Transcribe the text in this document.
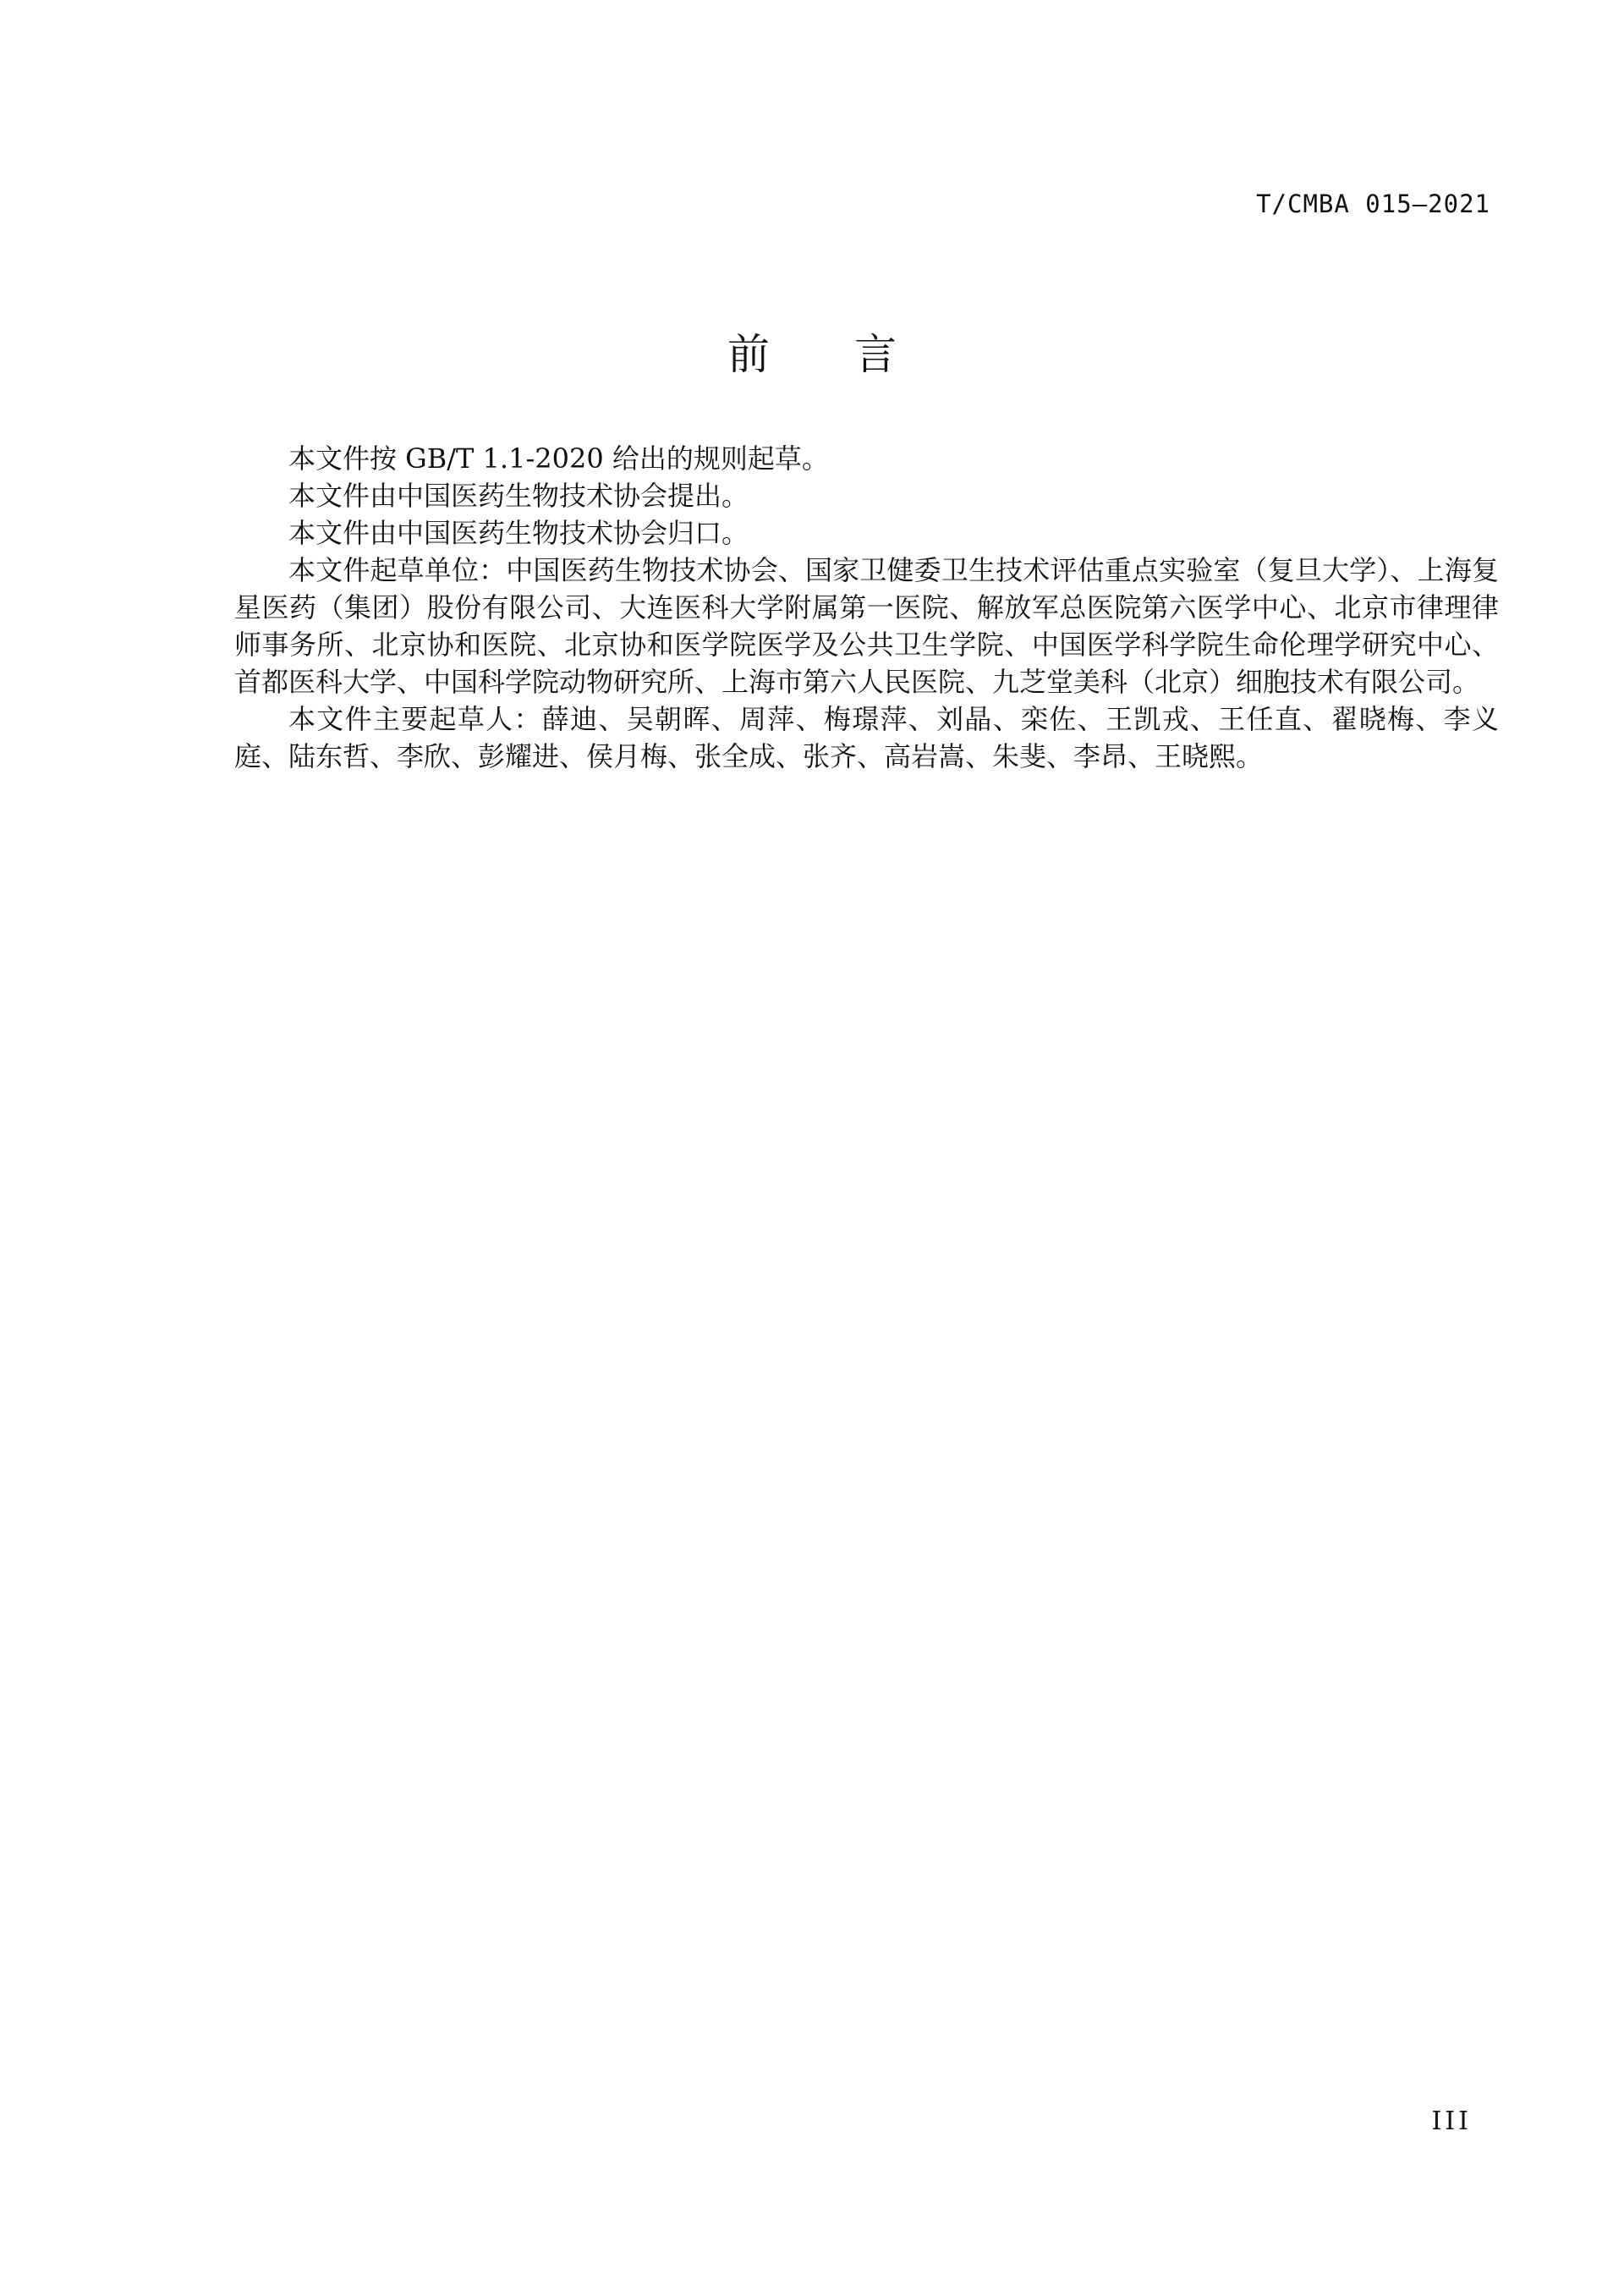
T/CMBA 015—2021
前言

本文件按 GB/T 1.1-2020 给出的规则起草。

本文件由中国医药生物技术协会提出。

本文件由中国医药生物技术协会归口。

本文件起草单位：中国医药生物技术协会、国家卫健委卫生技术评估重点实验室（复旦大学）、上海复星医药（集团）股份有限公司、大连医科大学附属第一医院、解放军总医院第六医学中心、北京市律理律师事务所、北京协和医院、北京协和医学院医学及公共卫生学院、中国医学科学院生命伦理学研究中心、首都医科大学、中国科学院动物研究所、上海市第六人民医院、九芝堂美科（北京）细胞技术有限公司。

本文件主要起草人：薛迪、吴朝晖、周萍、梅璟萍、刘晶、栾佐、王凯戎、王任直、翟晓梅、李义庭、陆东哲、李欣、彭耀进、侯月梅、张全成、张齐、高岩嵩、朱斐、李昂、王晓熙。

III
